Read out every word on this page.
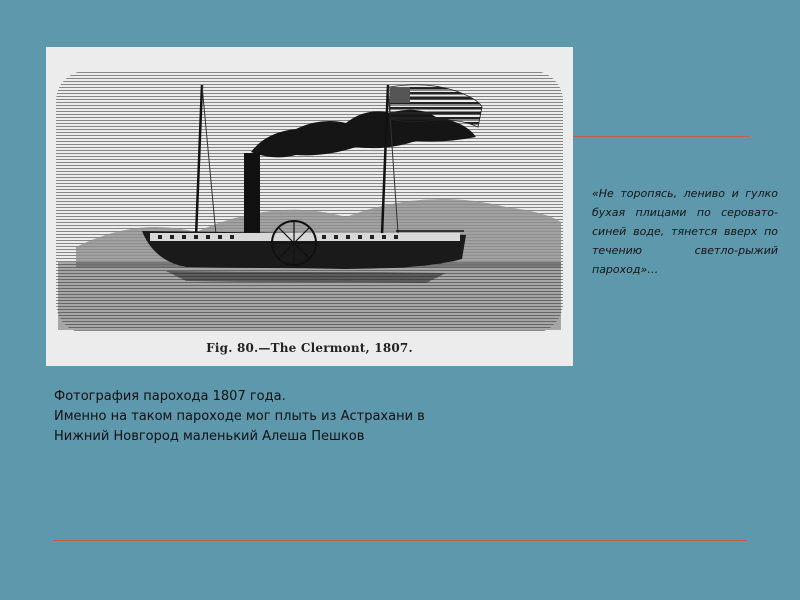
Fig. 80.—The Clermont, 1807.
«Не торопясь, лениво и гулко бухая плицами по серовато-синей воде, тянется вверх по течению светло-рыжий пароход»…
Фотография парохода 1807 года.
Именно на таком пароходе мог плыть из Астрахани в
Нижний Новгород маленький Алеша Пешков
